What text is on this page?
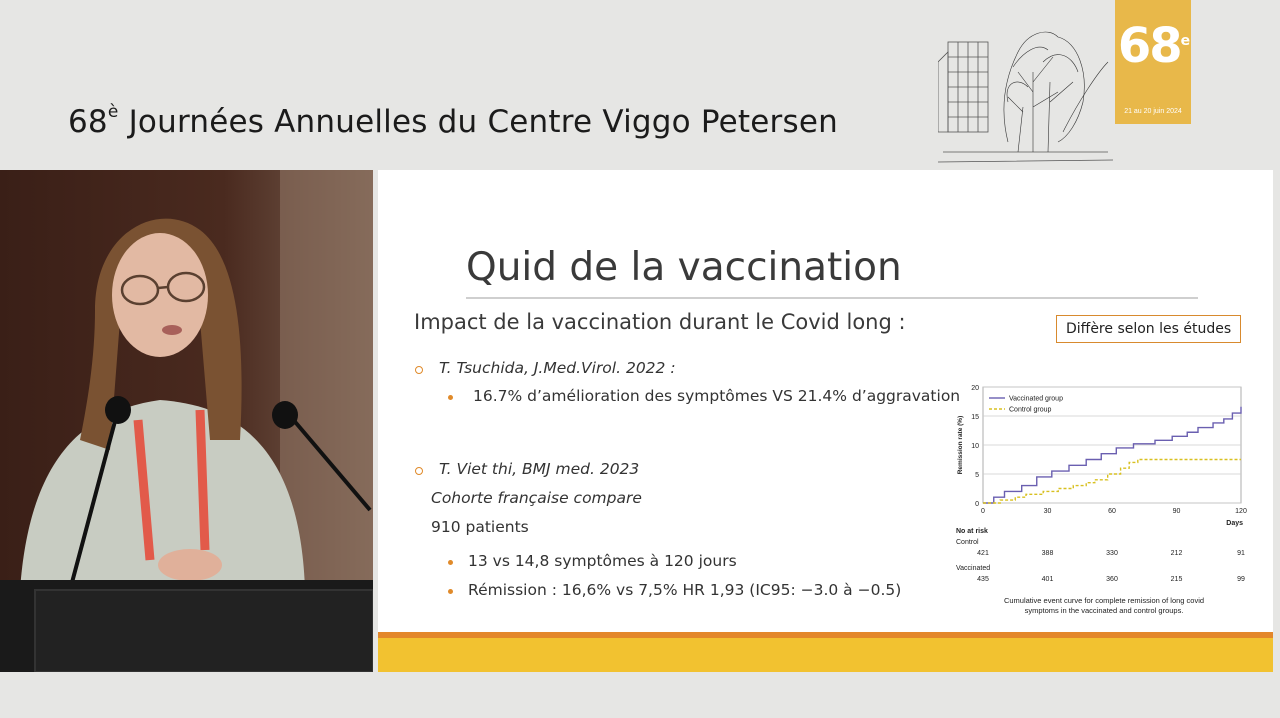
$68^è$ Journées Annuelles du Centre Viggo Petersen
68e
21 au 20 juin 2024
Quid de la vaccination
Impact de la vaccination durant le Covid long :	Diffère selon les études
T. Tsuchida, J.Med.Virol. 2022 :
16.7% d’amélioration des symptômes VS 21.4% d’aggravation
T. Viet thi, BMJ med. 2023
Cohorte française compare
910 patients
13 vs 14,8 symptômes à 120 jours
Rémission : 16,6% vs 7,5% HR 1,93 (IC95: −3.0 à −0.5)
0
5
10
15
20
0	30	60	90	120
Days
Remission rate (%)
Vaccinated group
Control group
No at risk
Control
421	388	330	212	91
Vaccinated
435	401	360	215	99
Cumulative event curve for complete remission of long covid
symptoms in the vaccinated and control groups.
